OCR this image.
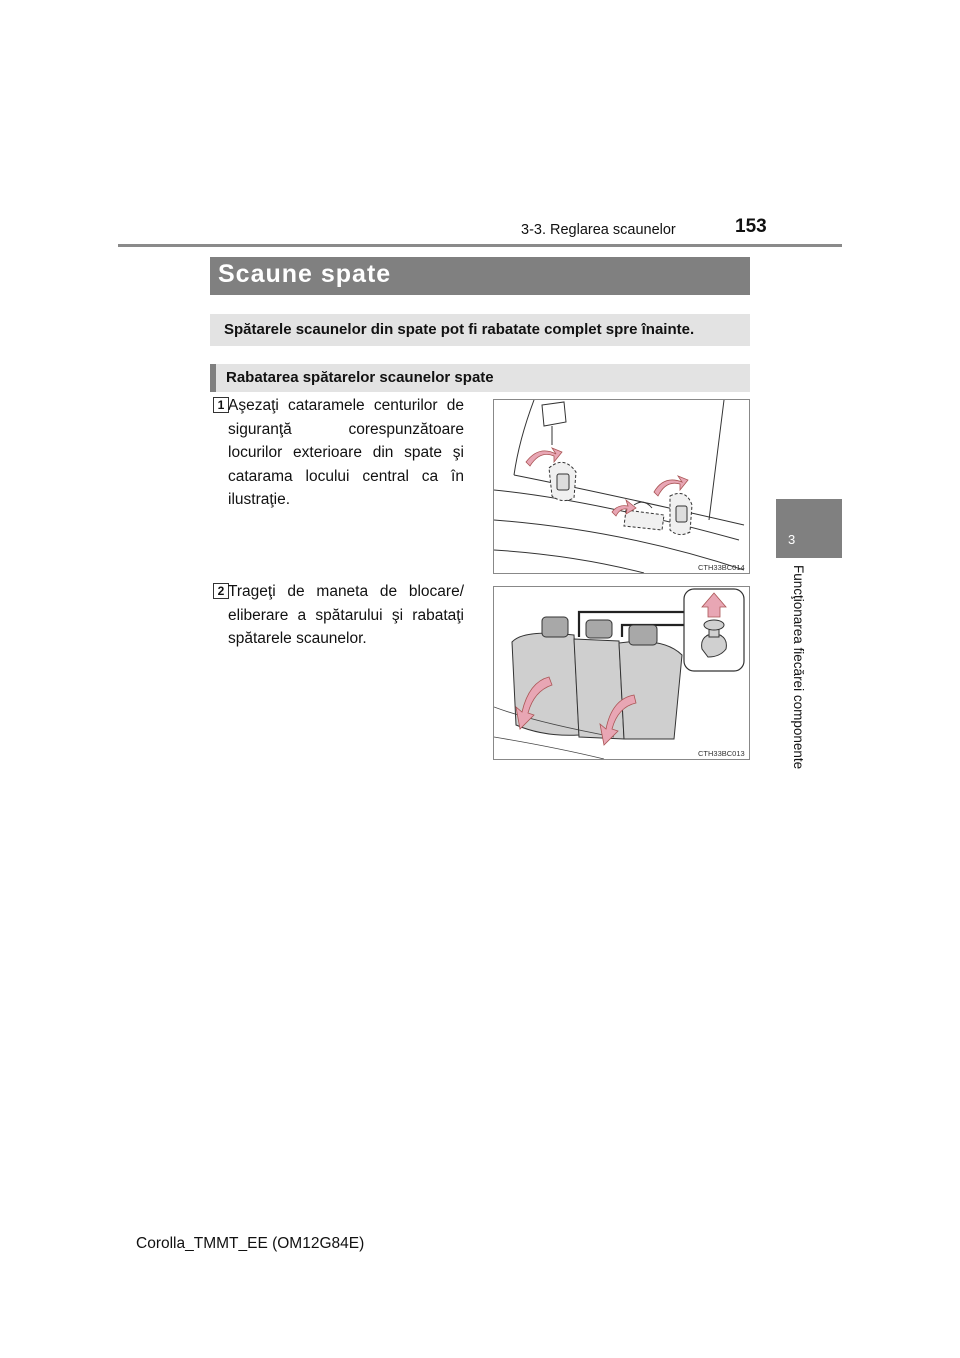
153
3-3. Reglarea scaunelor
Scaune spate
Spătarele scaunelor din spate pot fi rabatate complet spre înainte.
Rabatarea spătarelor scaunelor spate
1 Aşezaţi cataramele centurilor de siguranţă corespunzătoare locurilor exterioare din spate şi catarama locului central ca în ilustraţie.
CTH33BC014
2 Trageţi de maneta de blocare/ eliberare a spătarului şi rabataţi spătarele scaunelor.
CTH33BC013
3
Funcţionarea fiecărei componente
Corolla_TMMT_EE (OM12G84E)
